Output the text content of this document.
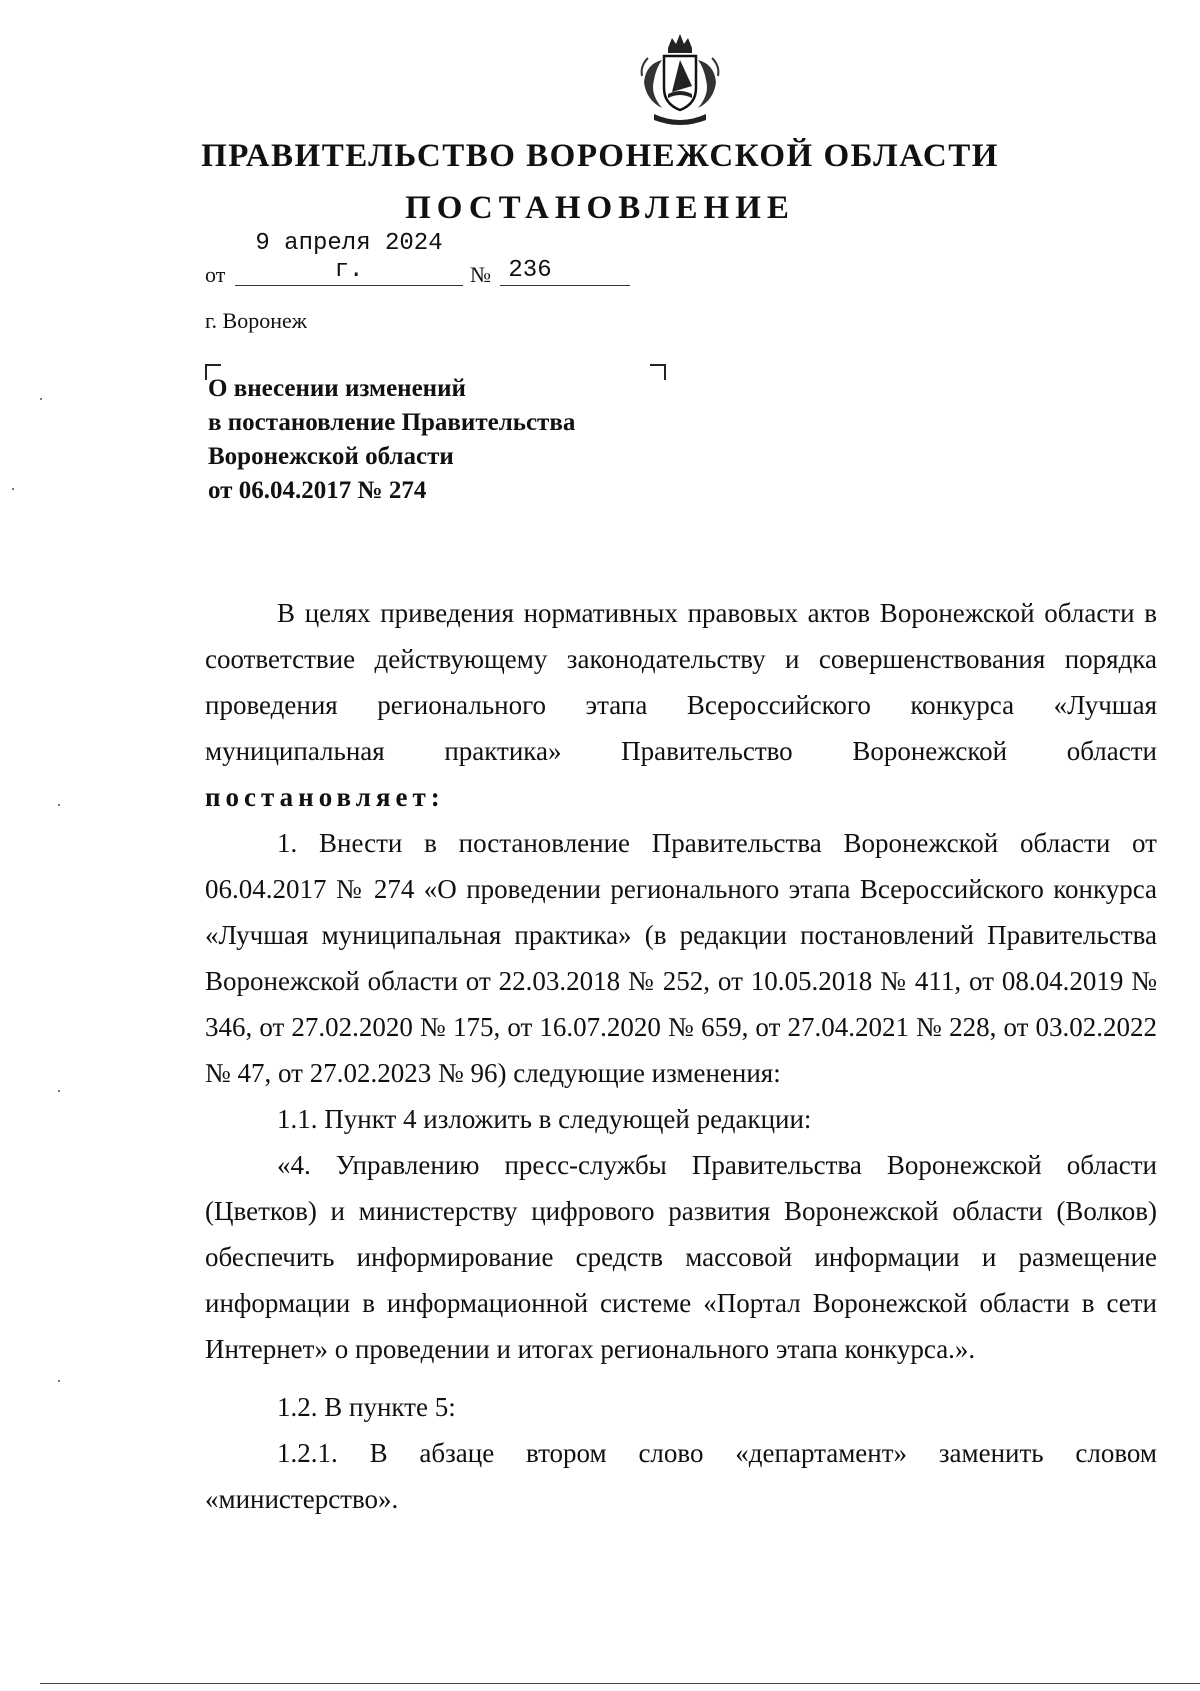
ПРАВИТЕЛЬСТВО ВОРОНЕЖСКОЙ ОБЛАСТИ
ПОСТАНОВЛЕНИЕ
от
9 апреля 2024 г.	№ 236
г. Воронеж
О внесении изменений
в постановление Правительства
Воронежской области
от 06.04.2017 № 274

В целях приведения нормативных правовых актов Воронежской области в соответствие действующему законодательству и совершенствования порядка проведения регионального этапа Всероссийского конкурса «Лучшая муниципальная практика» Правительство Воронежской области постановляет:

1. Внести в постановление Правительства Воронежской области от 06.04.2017 № 274 «О проведении регионального этапа Всероссийского конкурса «Лучшая муниципальная практика» (в редакции постановлений Правительства Воронежской области от 22.03.2018 № 252, от 10.05.2018 № 411, от 08.04.2019 № 346, от 27.02.2020 № 175, от 16.07.2020 № 659, от 27.04.2021 № 228, от 03.02.2022 № 47, от 27.02.2023 № 96) следующие изменения:

1.1. Пункт 4 изложить в следующей редакции:

«4. Управлению пресс-службы Правительства Воронежской области (Цветков) и министерству цифрового развития Воронежской области (Волков) обеспечить информирование средств массовой информации и размещение информации в информационной системе «Портал Воронежской области в сети Интернет» о проведении и итогах регионального этапа конкурса.».

1.2. В пункте 5:

1.2.1. В абзаце втором слово «департамент» заменить словом «министерство».
